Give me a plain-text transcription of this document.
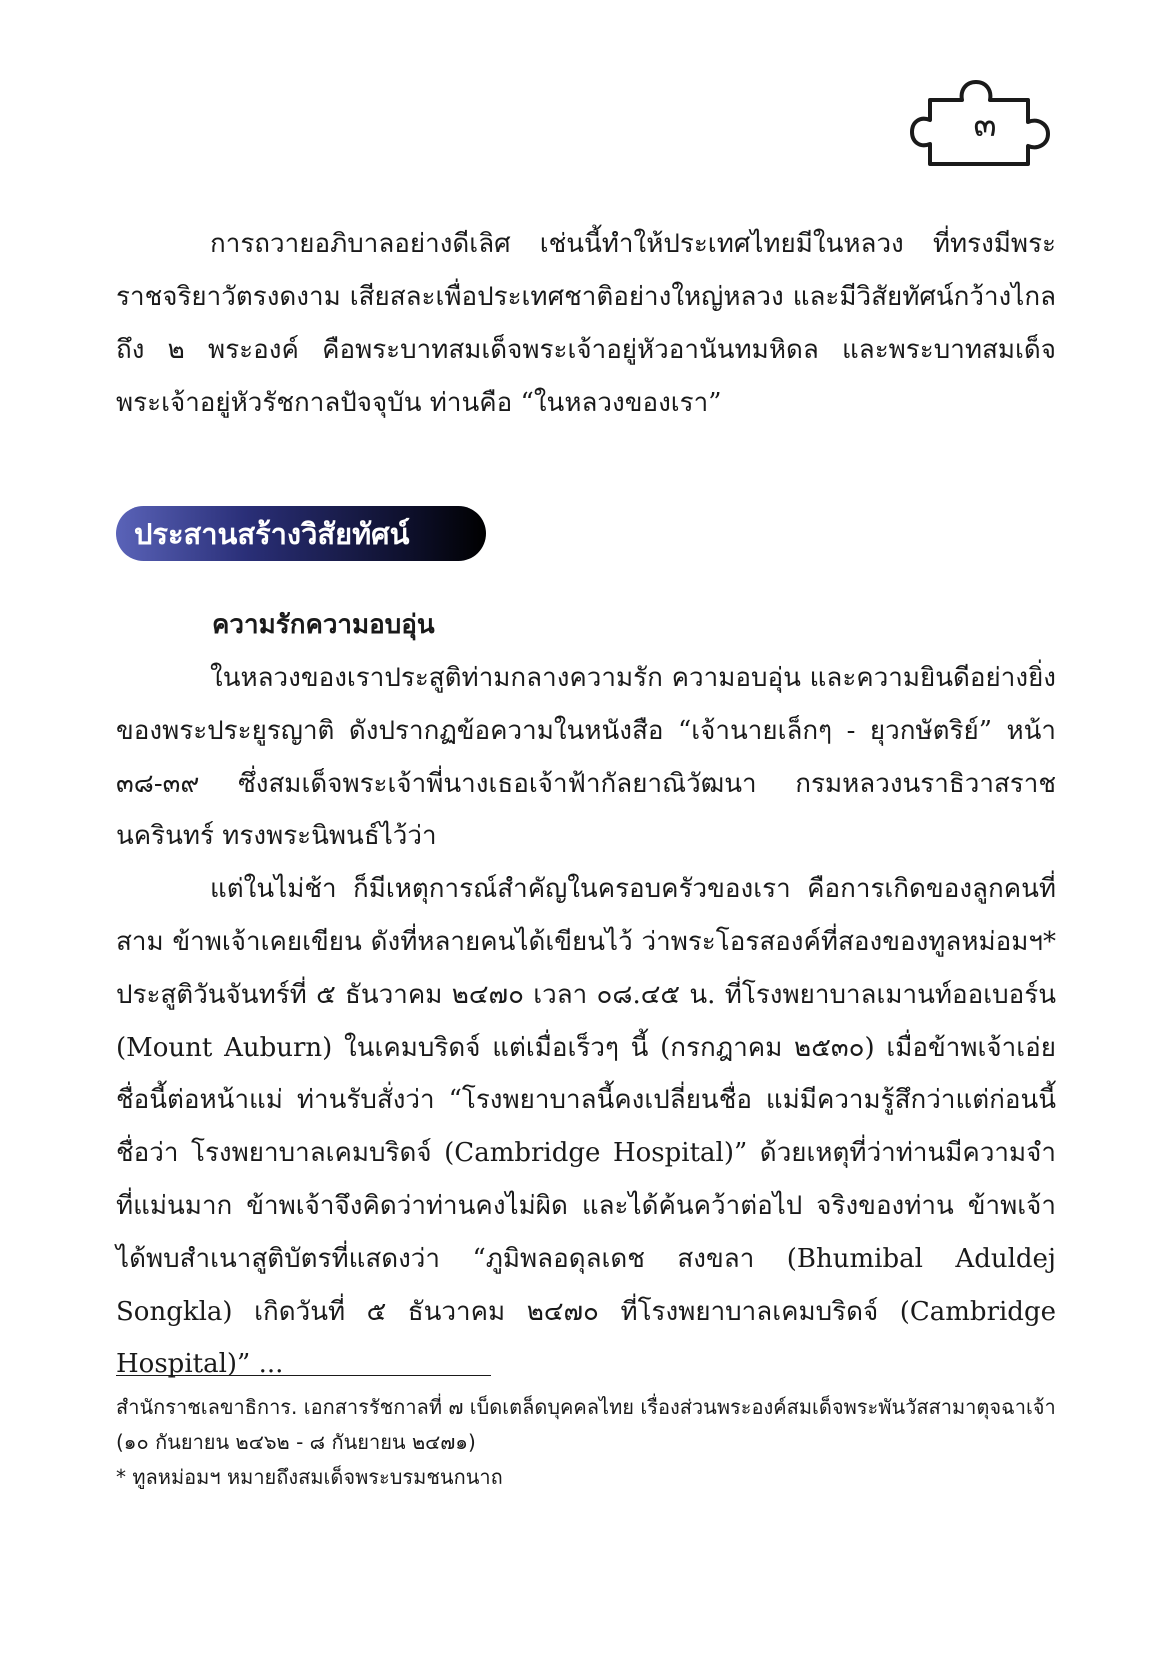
๓

การถวายอภิบาลอย่างดีเลิศ เช่นนี้ทำให้ประเทศไทยมีในหลวง ที่ทรงมีพระราชจริยาวัตรงดงาม เสียสละเพื่อประเทศชาติอย่างใหญ่หลวง และมีวิสัยทัศน์กว้างไกลถึง ๒ พระองค์ คือพระบาทสมเด็จพระเจ้าอยู่หัวอานันทมหิดล และพระบาทสมเด็จพระเจ้าอยู่หัวรัชกาลปัจจุบัน ท่านคือ “ในหลวงของเรา”

ประสานสร้างวิสัยทัศน์
ความรักความอบอุ่น

ในหลวงของเราประสูติท่ามกลางความรัก ความอบอุ่น และความยินดีอย่างยิ่งของพระประยูรญาติ ดังปรากฏข้อความในหนังสือ “เจ้านายเล็กๆ - ยุวกษัตริย์” หน้า ๓๘-๓๙ ซึ่งสมเด็จพระเจ้าพี่นางเธอเจ้าฟ้ากัลยาณิวัฒนา กรมหลวงนราธิวาสราชนครินทร์ ทรงพระนิพนธ์ไว้ว่า

แต่ในไม่ช้า ก็มีเหตุการณ์สำคัญในครอบครัวของเรา คือการเกิดของลูกคนที่สาม ข้าพเจ้าเคยเขียน ดังที่หลายคนได้เขียนไว้ ว่าพระโอรสองค์ที่สองของทูลหม่อมฯ* ประสูติวันจันทร์ที่ ๕ ธันวาคม ๒๔๗๐ เวลา ๐๘.๔๕ น. ที่โรงพยาบาลเมานท์ออเบอร์น (Mount Auburn) ในเคมบริดจ์ แต่เมื่อเร็วๆ นี้ (กรกฎาคม ๒๕๓๐) เมื่อข้าพเจ้าเอ่ยชื่อนี้ต่อหน้าแม่ ท่านรับสั่งว่า “โรงพยาบาลนี้คงเปลี่ยนชื่อ แม่มีความรู้สึกว่าแต่ก่อนนี้ชื่อว่า โรงพยาบาลเคมบริดจ์ (Cambridge Hospital)” ด้วยเหตุที่ว่าท่านมีความจำที่แม่นมาก ข้าพเจ้าจึงคิดว่าท่านคงไม่ผิด และได้ค้นคว้าต่อไป จริงของท่าน ข้าพเจ้าได้พบสำเนาสูติบัตรที่แสดงว่า “ภูมิพลอดุลเดช สงขลา (Bhumibal Aduldej Songkla) เกิดวันที่ ๕ ธันวาคม ๒๔๗๐ ที่โรงพยาบาลเคมบริดจ์ (Cambridge Hospital)” ...

สำนักราชเลขาธิการ. เอกสารรัชกาลที่ ๗ เบ็ดเตล็ดบุคคลไทย เรื่องส่วนพระองค์สมเด็จพระพันวัสสามาตุจฉาเจ้า (๑๐ กันยายน ๒๔๖๒ - ๘ กันยายน ๒๔๗๑)

* ทูลหม่อมฯ หมายถึงสมเด็จพระบรมชนกนาถ
